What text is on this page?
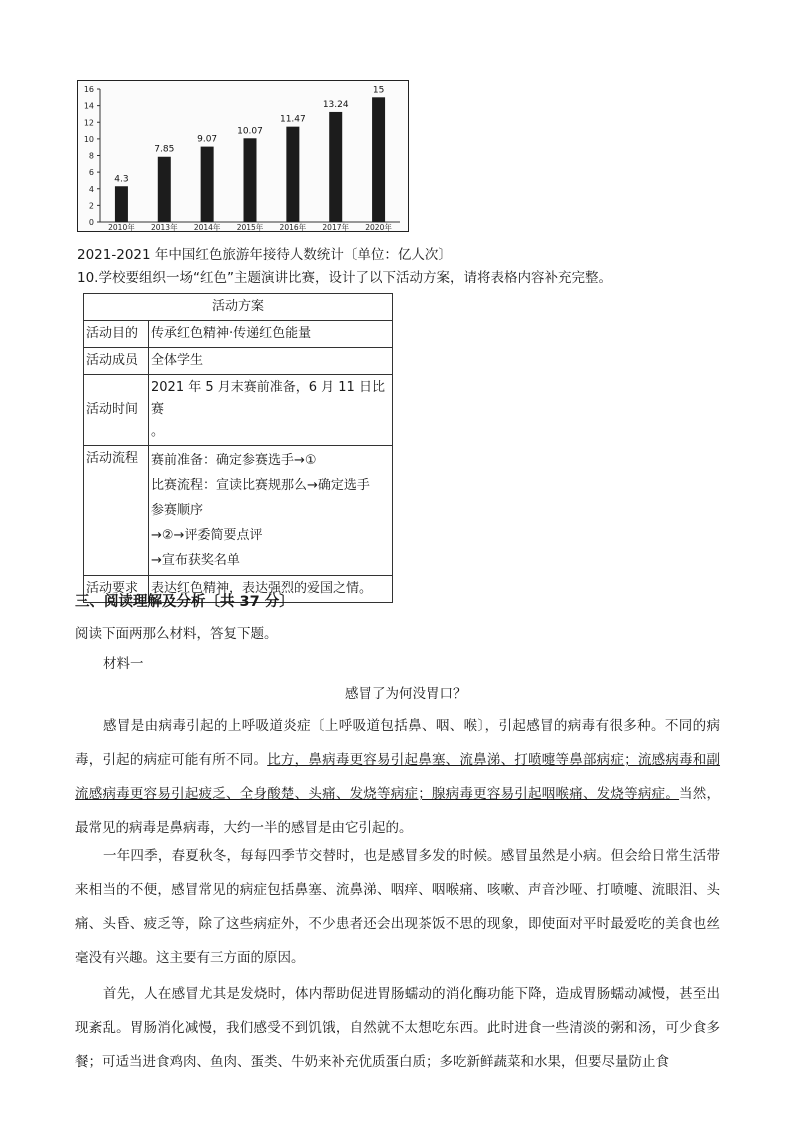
0
2
4
6
8
10
12
14
16
4.3
2010年
7.85
2013年
9.07
2014年
10.07
2015年
11.47
2016年
13.24
2017年
15
2020年
2021-2021 年中国红色旅游年接待人数统计〔单位：亿人次〕
10.学校要组织一场“红色”主题演讲比赛，设计了以下活动方案，请将表格内容补充完整。
活动方案	
活动目的	传承红色精神·传递红色能量

活动成员	全体学生

活动时间	2021 年 5 月末赛前准备，6 月 11 日比赛
。

活动流程	赛前准备：确定参赛选手→①
比赛流程：宣读比赛规那么→确定选手
参赛顺序
→②→评委简要点评
→宣布获奖名单

活动要求	表达红色精神，表达强烈的爱国之情。
三、阅读理解及分析〔共 37 分〕
阅读下面两那么材料，答复下题。
材料一
感冒了为何没胃口？
感冒是由病毒引起的上呼吸道炎症〔上呼吸道包括鼻、咽、喉〕，引起感冒的病毒有很多种。不同的病毒，引起的病症可能有所不同。比方，鼻病毒更容易引起鼻塞、流鼻涕、打喷嚏等鼻部病症；流感病毒和副流感病毒更容易引起疲乏、全身酸楚、头痛、发烧等病症；腺病毒更容易引起咽喉痛、发烧等病症。当然，最常见的病毒是鼻病毒，大约一半的感冒是由它引起的。
一年四季，春夏秋冬，每每四季节交替时，也是感冒多发的时候。感冒虽然是小病。但会给日常生活带来相当的不便，感冒常见的病症包括鼻塞、流鼻涕、咽痒、咽喉痛、咳嗽、声音沙哑、打喷嚏、流眼泪、头痛、头昏、疲乏等，除了这些病症外，不少患者还会出现茶饭不思的现象，即使面对平时最爱吃的美食也丝毫没有兴趣。这主要有三方面的原因。
首先，人在感冒尤其是发烧时，体内帮助促进胃肠蠕动的消化酶功能下降，造成胃肠蠕动减慢，甚至出现紊乱。胃肠消化减慢，我们感受不到饥饿，自然就不太想吃东西。此时进食一些清淡的粥和汤，可少食多餐；可适当进食鸡肉、鱼肉、蛋类、牛奶来补充优质蛋白质；多吃新鲜蔬菜和水果，但要尽量防止食
